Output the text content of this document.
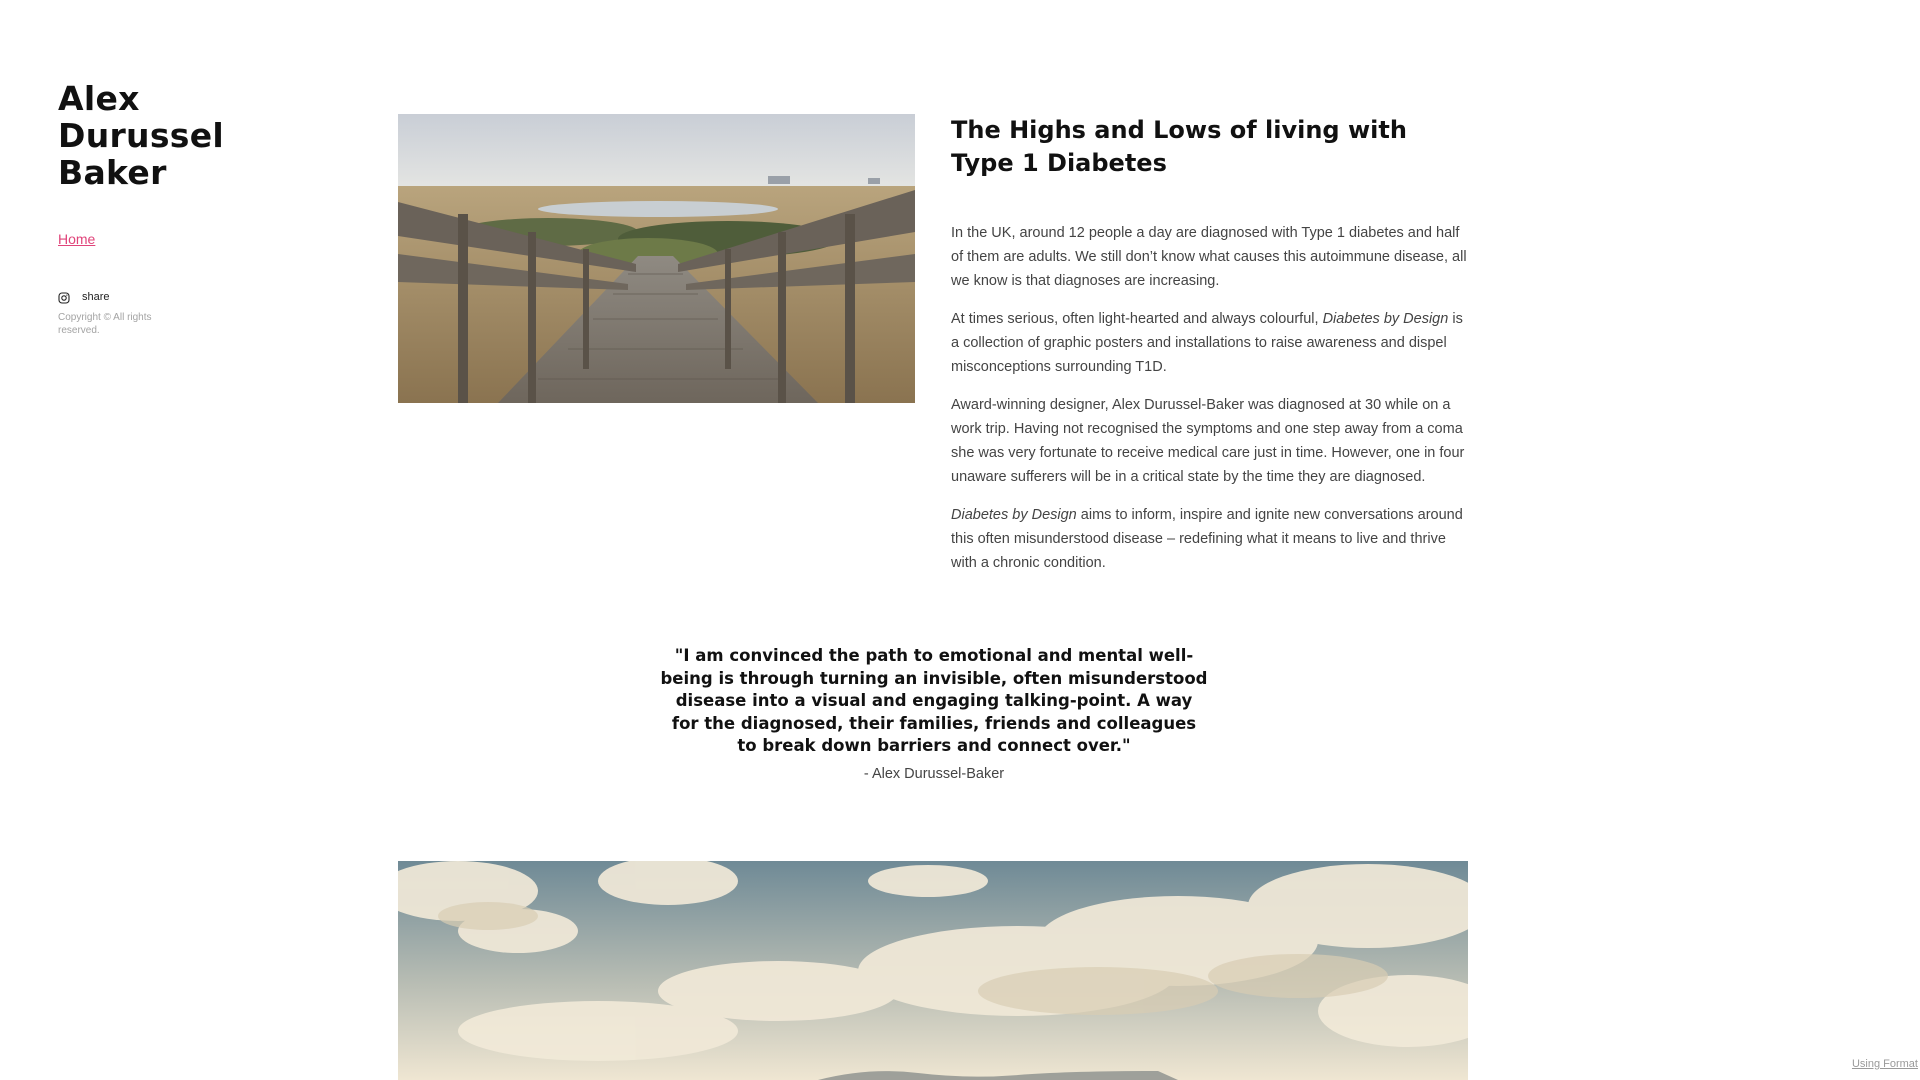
Alex
Durussel
Baker
Home
share
Copyright © All rights reserved.
The Highs and Lows of living with Type 1 Diabetes

In the UK, around 12 people a day are diagnosed with Type 1 diabetes and half of them are adults. We still don’t know what causes this autoimmune disease, all we know is that diagnoses are increasing.

At times serious, often light-hearted and always colourful, Diabetes by Design is a collection of graphic posters and installations to raise awareness and dispel misconceptions surrounding T1D.

Award-winning designer, Alex Durussel-Baker was diagnosed at 30 while on a work trip. Having not recognised the symptoms and one step away from a coma she was very fortunate to receive medical care just in time. However, one in four unaware sufferers will be in a critical state by the time they are diagnosed.

Diabetes by Design aims to inform, inspire and ignite new conversations around this often misunderstood disease – redefining what it means to live and thrive with a chronic condition.

"I am convinced the path to emotional and mental well-being is through turning an invisible, often misunderstood disease into a visual and engaging talking-point. A way for the diagnosed, their families, friends and colleagues to break down barriers and connect over."

- Alex Durussel-Baker
Using Format
